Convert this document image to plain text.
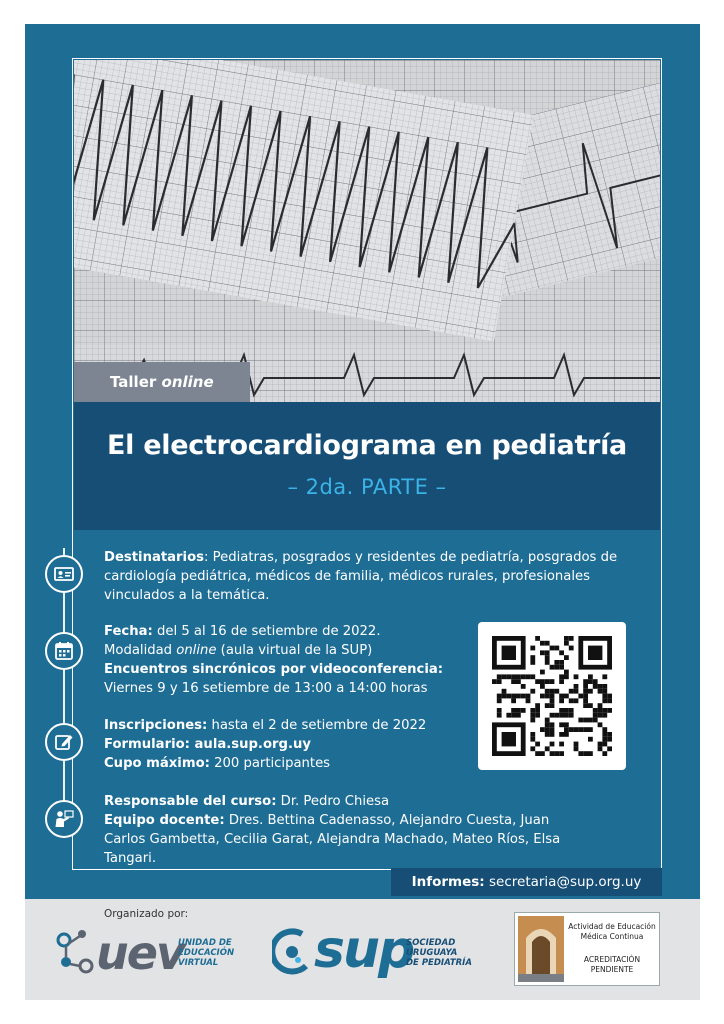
Taller online
El electrocardiograma en pediatría
– 2da. PARTE –
Destinatarios: Pediatras, posgrados y residentes de pediatría, posgrados de cardiología pediátrica, médicos de familia, médicos rurales, profesionales vinculados a la temática.
Fecha: del 5 al 16 de setiembre de 2022.
Modalidad online (aula virtual de la SUP)
Encuentros sincrónicos por videoconferencia:
Viernes 9 y 16 setiembre de 13:00 a 14:00 horas
Inscripciones: hasta el 2 de setiembre de 2022
Formulario: aula.sup.org.uy
Cupo máximo: 200 participantes
Responsable del curso: Dr. Pedro Chiesa
Equipo docente: Dres. Bettina Cadenasso, Alejandro Cuesta, Juan Carlos Gambetta, Cecilia Garat, Alejandra Machado, Mateo Ríos, Elsa Tangari.
Informes: secretaria@sup.org.uy
Organizado por:
uev
UNIDAD DE
EDUCACIÓN
VIRTUAL	sup
SOCIEDAD
URUGUAYA
DE PEDIATRÍA
Actividad de Educación
Médica Continua
ACREDITACIÓN
PENDIENTE
